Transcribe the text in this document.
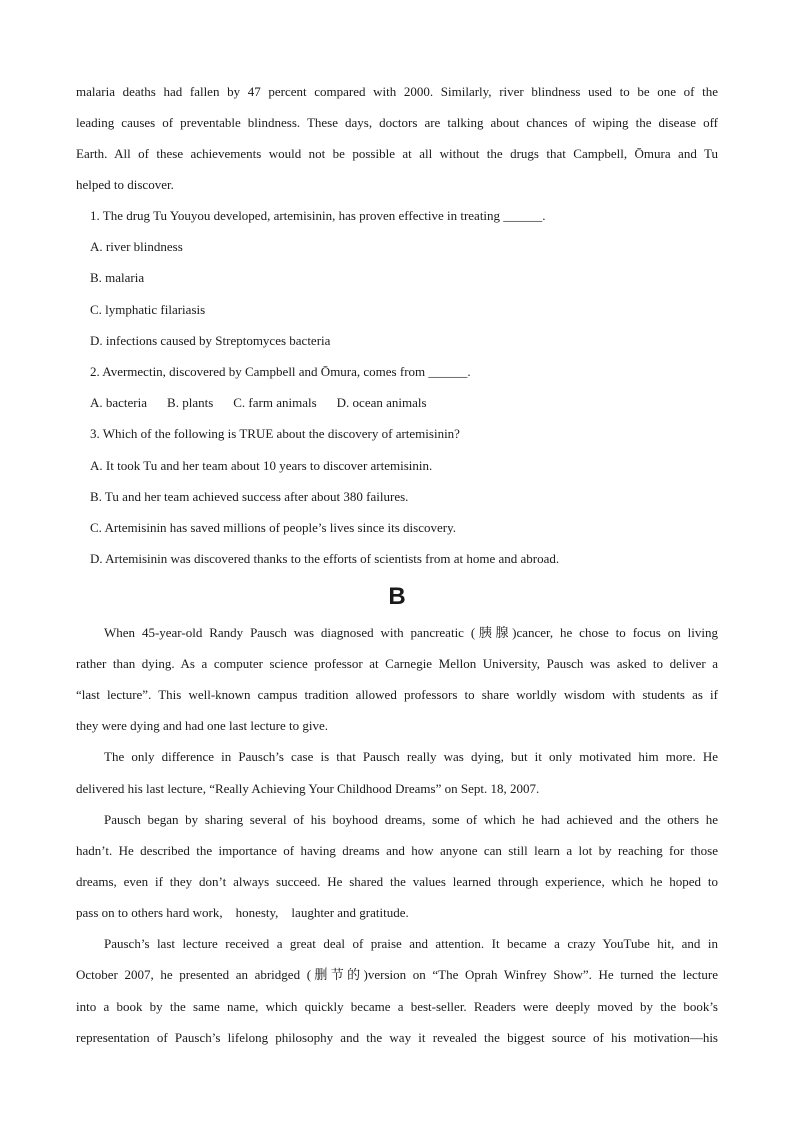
malaria deaths had fallen by 47 percent compared with 2000. Similarly, river blindness used to be one of the
leading causes of preventable blindness. These days, doctors are talking about chances of wiping the disease off
Earth. All of these achievements would not be possible at all without the drugs that Campbell, Ōmura and Tu
helped to discover.
1. The drug Tu Youyou developed, artemisinin, has proven effective in treating ______.
A. river blindness
B. malaria
C. lymphatic filariasis
D. infections caused by Streptomyces bacteria
2. Avermectin, discovered by Campbell and Ōmura, comes from ______.
A. bacteria B. plants C. farm animals D. ocean animals
3. Which of the following is TRUE about the discovery of artemisinin?
A. It took Tu and her team about 10 years to discover artemisinin.
B. Tu and her team achieved success after about 380 failures.
C. Artemisinin has saved millions of people’s lives since its discovery.
D. Artemisinin was discovered thanks to the efforts of scientists from at home and abroad.
B
When 45-year-old Randy Pausch was diagnosed with pancreatic (胰腺)cancer, he chose to focus on living
rather than dying. As a computer science professor at Carnegie Mellon University, Pausch was asked to deliver a
“last lecture”. This well-known campus tradition allowed professors to share worldly wisdom with students as if
they were dying and had one last lecture to give.
The only difference in Pausch’s case is that Pausch really was dying, but it only motivated him more. He
delivered his last lecture, “Really Achieving Your Childhood Dreams” on Sept. 18, 2007.
Pausch began by sharing several of his boyhood dreams, some of which he had achieved and the others he
hadn’t. He described the importance of having dreams and how anyone can still learn a lot by reaching for those
dreams, even if they don’t always succeed. He shared the values learned through experience, which he hoped to
pass on to others hard work,    honesty,    laughter and gratitude.
Pausch’s last lecture received a great deal of praise and attention. It became a crazy YouTube hit, and in
October 2007, he presented an abridged (删节的)version on “The Oprah Winfrey Show”. He turned the lecture
into a book by the same name, which quickly became a best-seller. Readers were deeply moved by the book’s
representation of Pausch’s lifelong philosophy and the way it revealed the biggest source of his motivation—his
